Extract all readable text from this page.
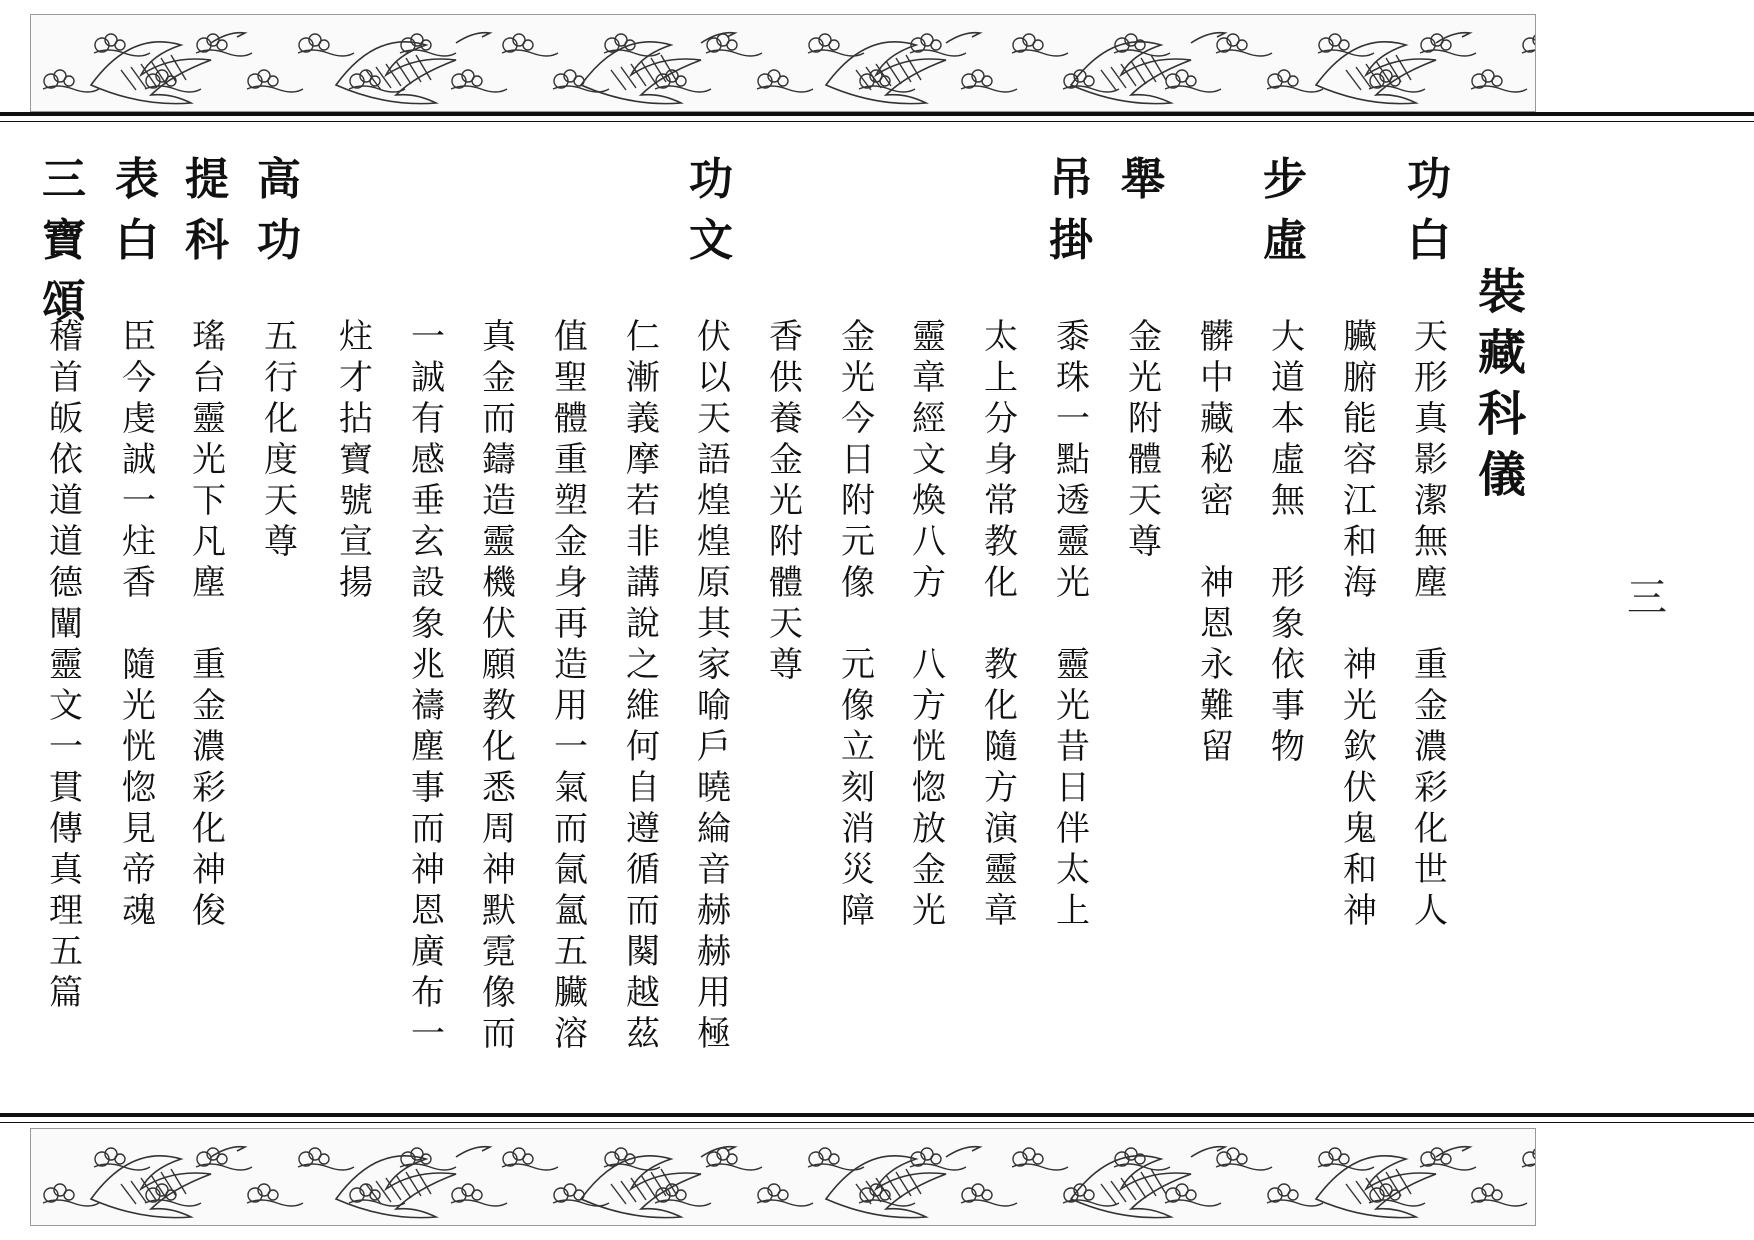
裝
藏
科
儀
三
功
白
步
虛
舉
吊
掛
功
文
高
功
提
科
表
白
三
寶
頌
天
形
真
影
潔
無
塵
重
金
濃
彩
化
世
人
臟
腑
能
容
江
和
海
神
光
欽
伏
鬼
和
神
大
道
本
虛
無
形
象
依
事
物
髒
中
藏
秘
密
神
恩
永
難
留
金
光
附
體
天
尊
黍
珠
一
點
透
靈
光
靈
光
昔
日
伴
太
上
太
上
分
身
常
教
化
教
化
隨
方
演
靈
章
靈
章
經
文
煥
八
方
八
方
恍
惚
放
金
光
金
光
今
日
附
元
像
元
像
立
刻
消
災
障
香
供
養
金
光
附
體
天
尊
伏
以
天
語
煌
煌
原
其
家
喻
戶
曉
綸
音
赫
赫
用
極
仁
漸
義
摩
若
非
講
說
之
維
何
自
遵
循
而
闋
越
茲
值
聖
體
重
塑
金
身
再
造
用
一
氣
而
氤
氳
五
臟
溶
真
金
而
鑄
造
靈
機
伏
願
教
化
悉
周
神
默
霓
像
而
一
誠
有
感
垂
玄
設
象
兆
禱
塵
事
而
神
恩
廣
布
一
炷
才
拈
寶
號
宣
揚
五
行
化
度
天
尊
瑤
台
靈
光
下
凡
塵
重
金
濃
彩
化
神
俊
臣
今
虔
誠
一
炷
香
隨
光
恍
惚
見
帝
魂
稽
首
皈
依
道
道
德
闡
靈
文
一
貫
傳
真
理
五
篇
